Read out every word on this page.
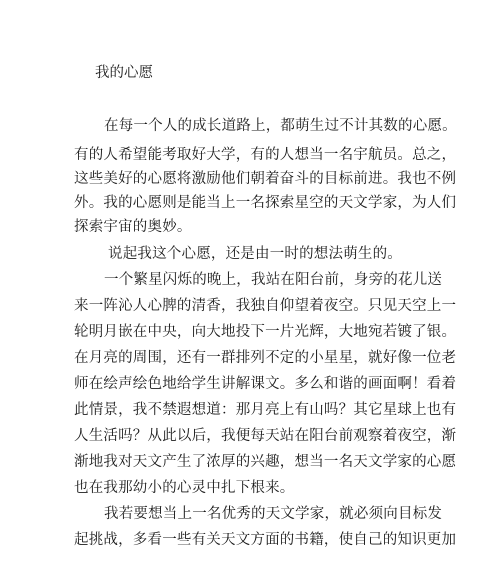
我的心愿
在每一个人的成长道路上，都萌生过不计其数的心愿。
有的人希望能考取好大学，有的人想当一名宇航员。总之，
这些美好的心愿将激励他们朝着奋斗的目标前进。我也不例
外。我的心愿则是能当上一名探索星空的天文学家，为人们
探索宇宙的奥妙。
说起我这个心愿，还是由一时的想法萌生的。
一个繁星闪烁的晚上，我站在阳台前，身旁的花儿送
来一阵沁人心脾的清香，我独自仰望着夜空。只见天空上一
轮明月嵌在中央，向大地投下一片光辉，大地宛若镀了银。
在月亮的周围，还有一群排列不定的小星星，就好像一位老
师在绘声绘色地给学生讲解课文。多么和谐的画面啊！看着
此情景，我不禁遐想道：那月亮上有山吗？其它星球上也有
人生活吗？从此以后，我便每天站在阳台前观察着夜空，渐
渐地我对天文产生了浓厚的兴趣，想当一名天文学家的心愿
也在我那幼小的心灵中扎下根来。
我若要想当上一名优秀的天文学家，就必须向目标发
起挑战，多看一些有关天文方面的书籍，使自己的知识更加
